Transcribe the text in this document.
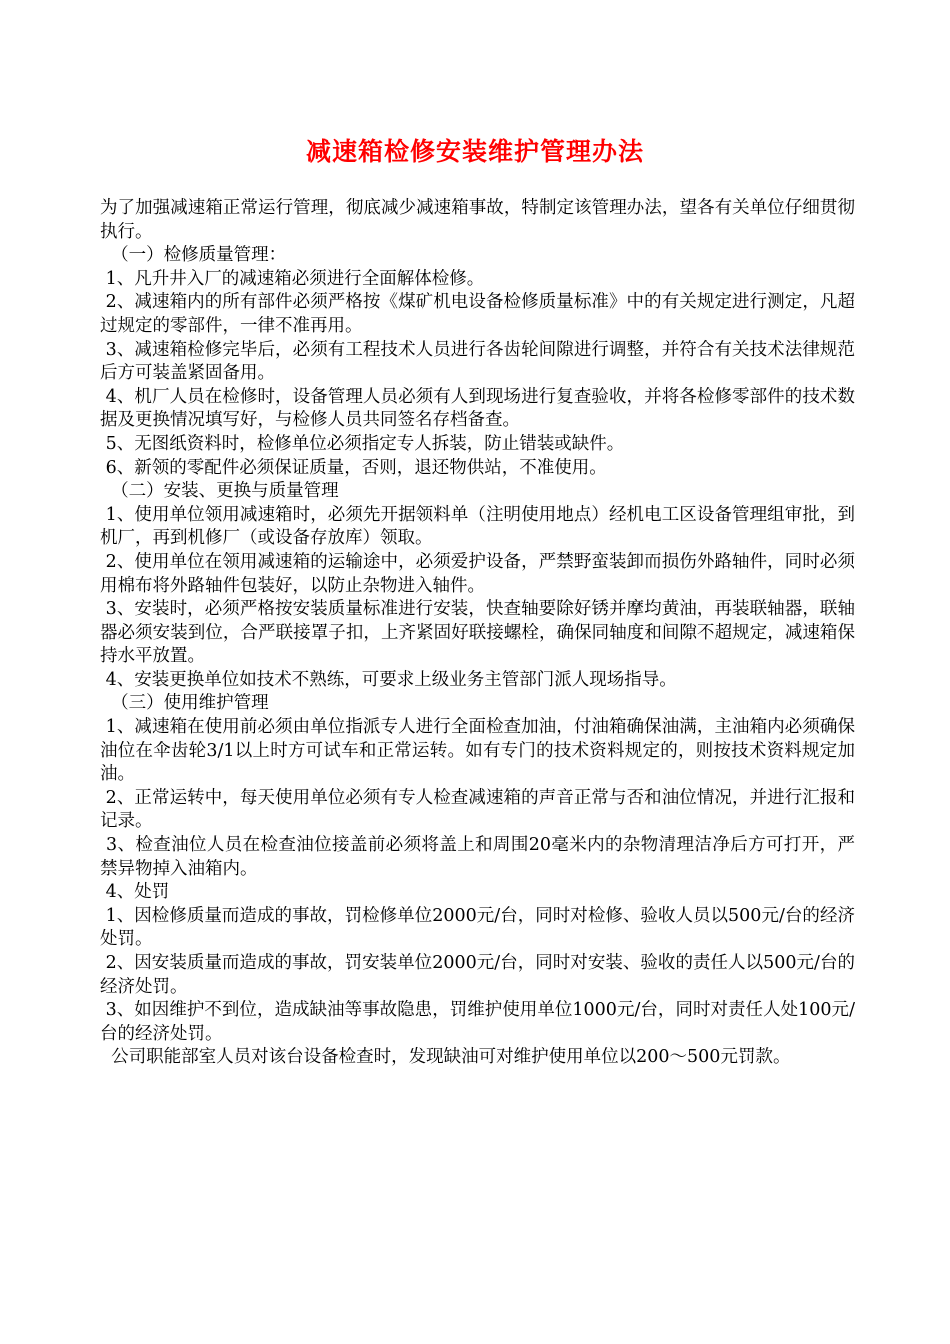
减速箱检修安装维护管理办法

为了加强减速箱正常运行管理，彻底减少减速箱事故，特制定该管理办法，望各有关单位仔细贯彻执行。

（一）检修质量管理：

1、凡升井入厂的减速箱必须进行全面解体检修。

2、减速箱内的所有部件必须严格按《煤矿机电设备检修质量标准》中的有关规定进行测定，凡超过规定的零部件，一律不准再用。

3、减速箱检修完毕后，必须有工程技术人员进行各齿轮间隙进行调整，并符合有关技术法律规范后方可装盖紧固备用。

4、机厂人员在检修时，设备管理人员必须有人到现场进行复查验收，并将各检修零部件的技术数据及更换情况填写好，与检修人员共同签名存档备查。

5、无图纸资料时，检修单位必须指定专人拆装，防止错装或缺件。

6、新领的零配件必须保证质量，否则，退还物供站，不准使用。

（二）安装、更换与质量管理

1、使用单位领用减速箱时，必须先开据领料单（注明使用地点）经机电工区设备管理组审批，到机厂，再到机修厂（或设备存放库）领取。

2、使用单位在领用减速箱的运输途中，必须爱护设备，严禁野蛮装卸而损伤外路轴件，同时必须用棉布将外路轴件包装好，以防止杂物进入轴件。

3、安装时，必须严格按安装质量标准进行安装，快查轴要除好锈并摩均黄油，再装联轴器，联轴器必须安装到位，合严联接罩子扣，上齐紧固好联接螺栓，确保同轴度和间隙不超规定，减速箱保持水平放置。

4、安装更换单位如技术不熟练，可要求上级业务主管部门派人现场指导。

（三）使用维护管理

1、减速箱在使用前必须由单位指派专人进行全面检查加油，付油箱确保油满，主油箱内必须确保油位在伞齿轮3/1以上时方可试车和正常运转。如有专门的技术资料规定的，则按技术资料规定加油。

2、正常运转中，每天使用单位必须有专人检查减速箱的声音正常与否和油位情况，并进行汇报和记录。

3、检查油位人员在检查油位接盖前必须将盖上和周围20毫米内的杂物清理洁净后方可打开，严禁异物掉入油箱内。

4、处罚

1、因检修质量而造成的事故，罚检修单位2000元/台，同时对检修、验收人员以500元/台的经济处罚。

2、因安装质量而造成的事故，罚安装单位2000元/台，同时对安装、验收的责任人以500元/台的经济处罚。

3、如因维护不到位，造成缺油等事故隐患，罚维护使用单位1000元/台，同时对责任人处100元/台的经济处罚。

公司职能部室人员对该台设备检查时，发现缺油可对维护使用单位以200～500元罚款。
